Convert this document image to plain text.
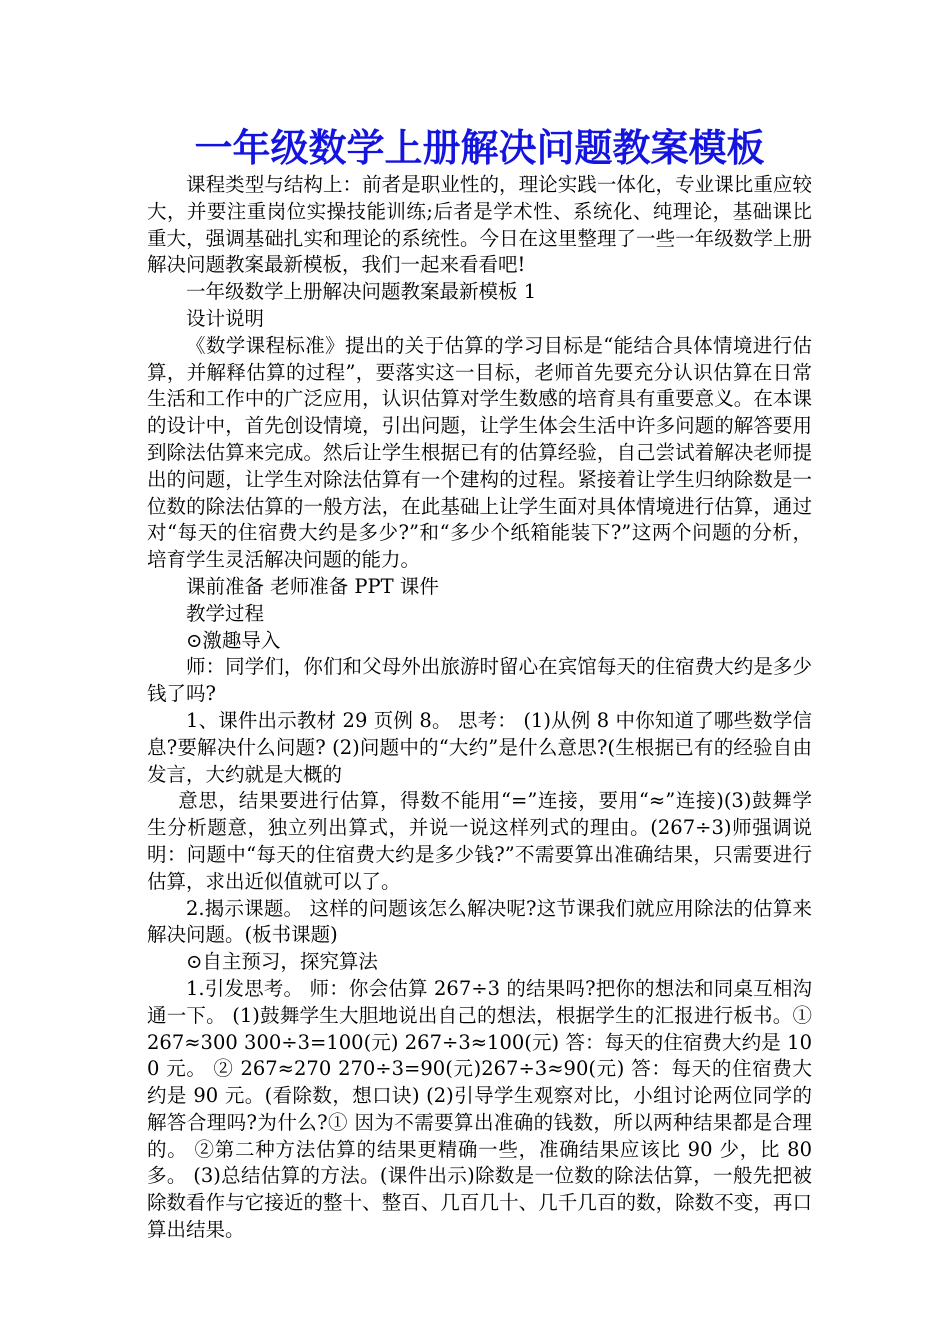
一年级数学上册解决问题教案模板

课程类型与结构上：前者是职业性的，理论实践一体化，专业课比重应较大，并要注重岗位实操技能训练;后者是学术性、系统化、纯理论，基础课比重大，强调基础扎实和理论的系统性。今日在这里整理了一些一年级数学上册解决问题教案最新模板，我们一起来看看吧!

一年级数学上册解决问题教案最新模板 1

设计说明

《数学课程标准》提出的关于估算的学习目标是“能结合具体情境进行估算，并解释估算的过程”，要落实这一目标，老师首先要充分认识估算在日常生活和工作中的广泛应用，认识估算对学生数感的培育具有重要意义。在本课的设计中，首先创设情境，引出问题，让学生体会生活中许多问题的解答要用到除法估算来完成。然后让学生根据已有的估算经验，自己尝试着解决老师提出的问题，让学生对除法估算有一个建构的过程。紧接着让学生归纳除数是一位数的除法估算的一般方法，在此基础上让学生面对具体情境进行估算，通过对“每天的住宿费大约是多少?”和“多少个纸箱能装下?”这两个问题的分析，培育学生灵活解决问题的能力。

课前准备 老师准备 PPT 课件

教学过程

⊙激趣导入

师：同学们，你们和父母外出旅游时留心在宾馆每天的住宿费大约是多少钱了吗?

1、课件出示教材 29 页例 8。 思考： (1)从例 8 中你知道了哪些数学信息?要解决什么问题? (2)问题中的“大约”是什么意思?(生根据已有的经验自由发言，大约就是大概的

意思，结果要进行估算，得数不能用“=”连接，要用“≈”连接)(3)鼓舞学生分析题意，独立列出算式，并说一说这样列式的理由。(267÷3)师强调说明：问题中“每天的住宿费大约是多少钱?”不需要算出准确结果，只需要进行估算，求出近似值就可以了。

2.揭示课题。 这样的问题该怎么解决呢?这节课我们就应用除法的估算来解决问题。(板书课题)

⊙自主预习，探究算法

1.引发思考。 师：你会估算 267÷3 的结果吗?把你的想法和同桌互相沟通一下。 (1)鼓舞学生大胆地说出自己的想法，根据学生的汇报进行板书。① 267≈300 300÷3=100(元) 267÷3≈100(元) 答：每天的住宿费大约是 100 元。 ② 267≈270 270÷3=90(元)267÷3≈90(元) 答：每天的住宿费大约是 90 元。(看除数，想口诀) (2)引导学生观察对比，小组讨论两位同学的解答合理吗?为什么?① 因为不需要算出准确的钱数，所以两种结果都是合理的。 ②第二种方法估算的结果更精确一些，准确结果应该比 90 少，比 80 多。 (3)总结估算的方法。(课件出示)除数是一位数的除法估算，一般先把被除数看作与它接近的整十、整百、几百几十、几千几百的数，除数不变，再口算出结果。
